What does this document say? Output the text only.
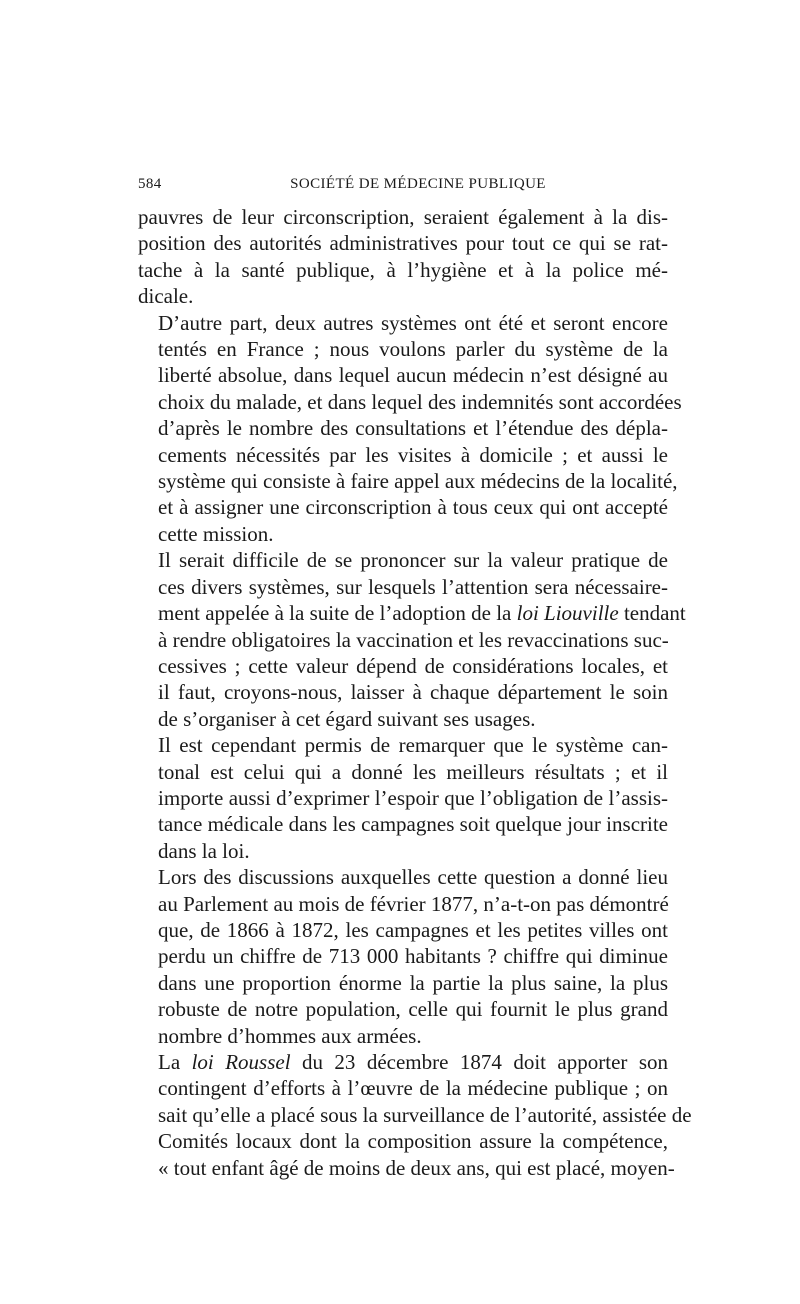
584	SOCIÉTÉ DE MÉDECINE PUBLIQUE

pauvres de leur circonscription, seraient également à la dis-
position des autorités administratives pour tout ce qui se rat-
tache à la santé publique, à l’hygiène et à la police mé-
dicale.

D’autre part, deux autres systèmes ont été et seront encore
tentés en France ; nous voulons parler du système de la
liberté absolue, dans lequel aucun médecin n’est désigné au
choix du malade, et dans lequel des indemnités sont accordées
d’après le nombre des consultations et l’étendue des dépla-
cements nécessités par les visites à domicile ; et aussi le
système qui consiste à faire appel aux médecins de la localité,
et à assigner une circonscription à tous ceux qui ont accepté
cette mission.

Il serait difficile de se prononcer sur la valeur pratique de
ces divers systèmes, sur lesquels l’attention sera nécessaire-
ment appelée à la suite de l’adoption de la loi Liouville tendant
à rendre obligatoires la vaccination et les revaccinations suc-
cessives ; cette valeur dépend de considérations locales, et
il faut, croyons-nous, laisser à chaque département le soin
de s’organiser à cet égard suivant ses usages.

Il est cependant permis de remarquer que le système can-
tonal est celui qui a donné les meilleurs résultats ; et il
importe aussi d’exprimer l’espoir que l’obligation de l’assis-
tance médicale dans les campagnes soit quelque jour inscrite
dans la loi.

Lors des discussions auxquelles cette question a donné lieu
au Parlement au mois de février 1877, n’a-t-on pas démontré
que, de 1866 à 1872, les campagnes et les petites villes ont
perdu un chiffre de 713 000 habitants ? chiffre qui diminue
dans une proportion énorme la partie la plus saine, la plus
robuste de notre population, celle qui fournit le plus grand
nombre d’hommes aux armées.

La loi Roussel du 23 décembre 1874 doit apporter son
contingent d’efforts à l’œuvre de la médecine publique ; on
sait qu’elle a placé sous la surveillance de l’autorité, assistée de
Comités locaux dont la composition assure la compétence,
« tout enfant âgé de moins de deux ans, qui est placé, moyen-
